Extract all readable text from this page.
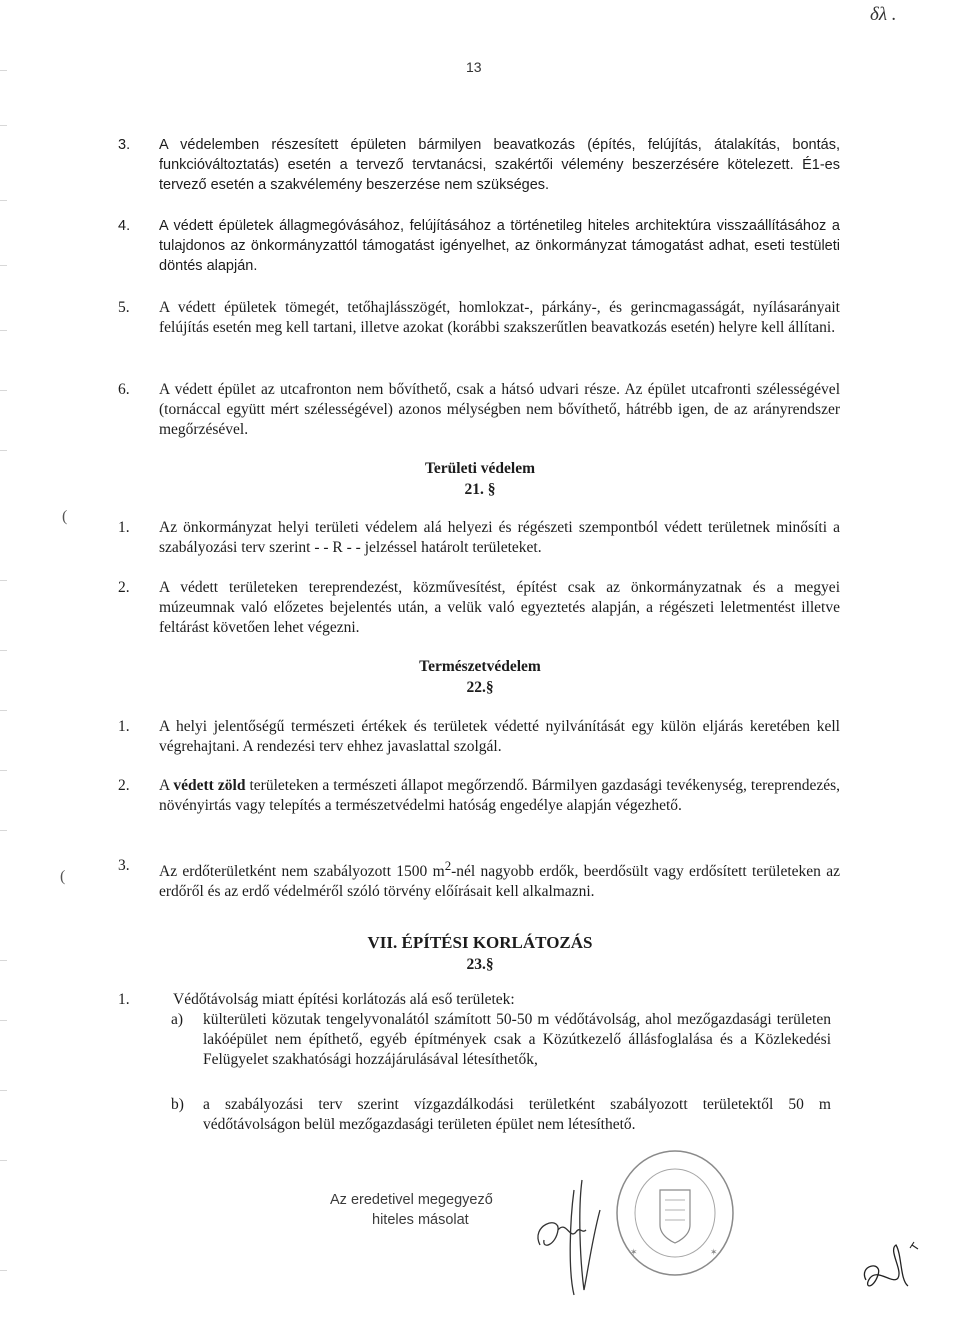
(
(
δλ .
13
3.	A védelemben részesített épületen bármilyen beavatkozás (építés, felújítás, átalakítás, bontás, funkcióváltoztatás) esetén a tervező tervtanácsi, szakértői vélemény beszerzésére kötelezett. É1-es tervező esetén a szakvélemény beszerzése nem szükséges.
4.	A védett épületek állagmegóvásához, felújításához a történetileg hiteles architektúra visszaállításához a tulajdonos az önkormányzattól támogatást igényelhet, az önkormányzat támogatást adhat, eseti testületi döntés alapján.
5.	A védett épületek tömegét, tetőhajlásszögét, homlokzat-, párkány-, és gerincmagasságát, nyílásarányait felújítás esetén meg kell tartani, illetve azokat (korábbi szakszerűtlen beavatkozás esetén) helyre kell állítani.
6.	A védett épület az utcafronton nem bővíthető, csak a hátsó udvari része. Az épület utcafronti szélességével (tornáccal együtt mért szélességével) azonos mélységben nem bővíthető, hátrébb igen, de az arányrendszer megőrzésével.
Területi védelem
21. §
1.	Az önkormányzat helyi területi védelem alá helyezi és régészeti szempontból védett területnek minősíti a szabályozási terv szerint - - R - - jelzéssel határolt területeket.
2.	A védett területeken tereprendezést, közművesítést, építést csak az önkormányzatnak és a megyei múzeumnak való előzetes bejelentés után, a velük való egyeztetés alapján, a régészeti leletmentést illetve feltárást követően lehet végezni.
Természetvédelem
22.§
1.	A helyi jelentőségű természeti értékek és területek védetté nyilvánítását egy külön eljárás keretében kell végrehajtani. A rendezési terv ehhez javaslattal szolgál.
2.	A védett zöld területeken a természeti állapot megőrzendő. Bármilyen gazdasági tevékenység, tereprendezés, növényirtás vagy telepítés a természetvédelmi hatóság engedélye alapján végezhető.
3.	Az erdőterületként nem szabályozott 1500 $m^2$-nél nagyobb erdők, beerdősült vagy erdősített területeken az erdőről és az erdő védelméről szóló törvény előírásait kell alkalmazni.
VII. ÉPÍTÉSI KORLÁTOZÁS
23.§
1.	Védőtávolság miatt építési korlátozás alá eső területek:
a) külterületi közutak tengelyvonalától számított 50-50 m védőtávolság, ahol mezőgazdasági területen lakóépület nem építhető, egyéb építmények csak a Közútkezelő állásfoglalása és a Közlekedési Felügyelet szakhatósági hozzájárulásával létesíthetők,
b) a szabályozási terv szerint vízgazdálkodási területként szabályozott területektől 50 m védőtávolságon belül mezőgazdasági területen épület nem létesíthető.
Az eredetivel megegyező
hiteles másolat
✶	✶
